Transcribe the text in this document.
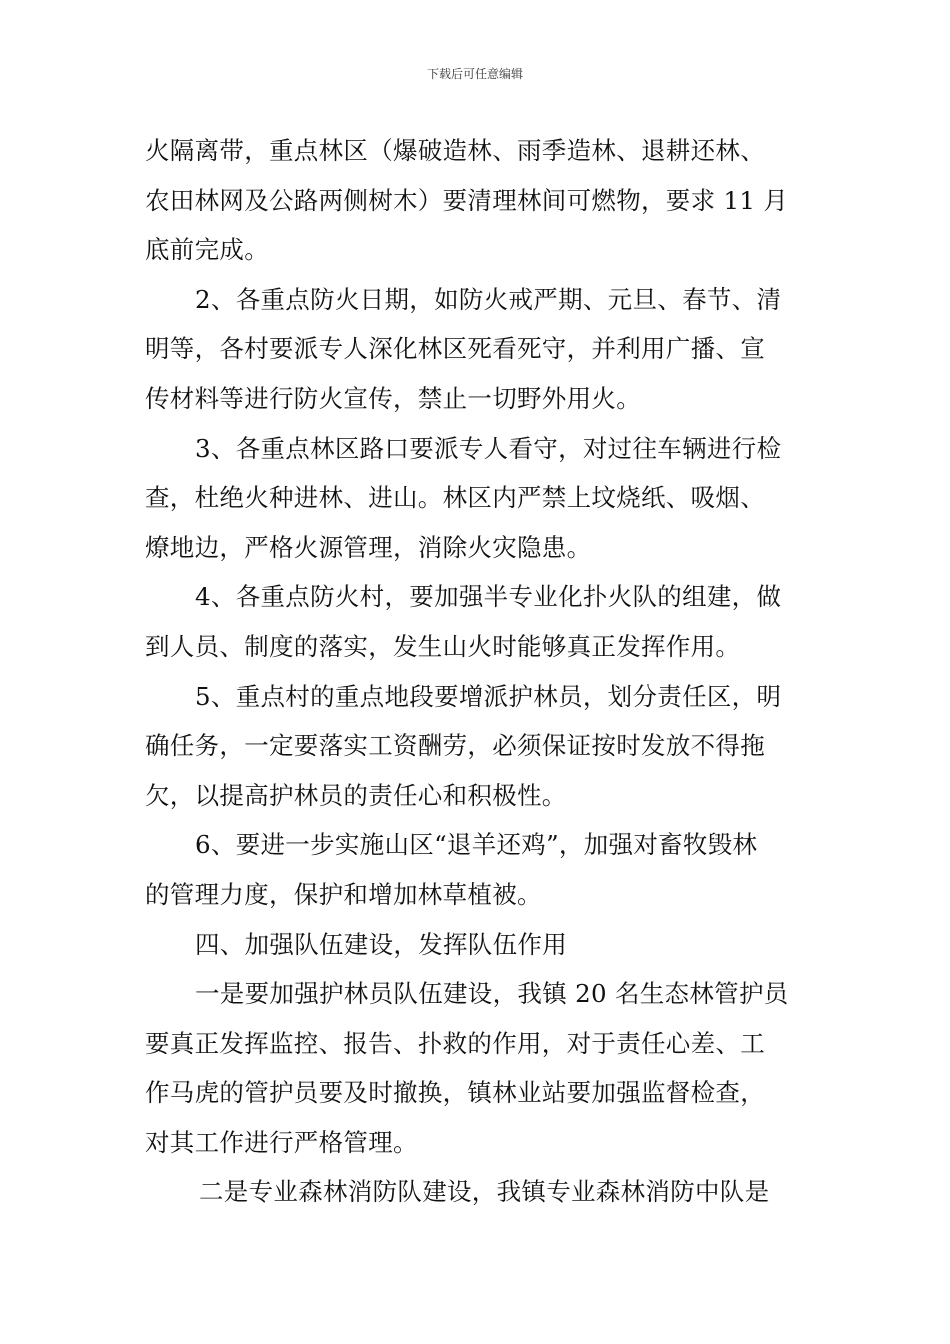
下载后可任意编辑
火隔离带，重点林区（爆破造林、雨季造林、退耕还林、
农田林网及公路两侧树木）要清理林间可燃物，要求 11 月
底前完成。
2、各重点防火日期，如防火戒严期、元旦、春节、清
明等，各村要派专人深化林区死看死守，并利用广播、宣
传材料等进行防火宣传，禁止一切野外用火。
3、各重点林区路口要派专人看守，对过往车辆进行检
查，杜绝火种进林、进山。林区内严禁上坟烧纸、吸烟、
燎地边，严格火源管理，消除火灾隐患。
4、各重点防火村，要加强半专业化扑火队的组建，做
到人员、制度的落实，发生山火时能够真正发挥作用。
5、重点村的重点地段要增派护林员，划分责任区，明
确任务，一定要落实工资酬劳，必须保证按时发放不得拖
欠，以提高护林员的责任心和积极性。
6、要进一步实施山区“退羊还鸡”，加强对畜牧毁林
的管理力度，保护和增加林草植被。
四、加强队伍建设，发挥队伍作用
一是要加强护林员队伍建设，我镇 20 名生态林管护员
要真正发挥监控、报告、扑救的作用，对于责任心差、工
作马虎的管护员要及时撤换，镇林业站要加强监督检查，
对其工作进行严格管理。
二是专业森林消防队建设，我镇专业森林消防中队是
